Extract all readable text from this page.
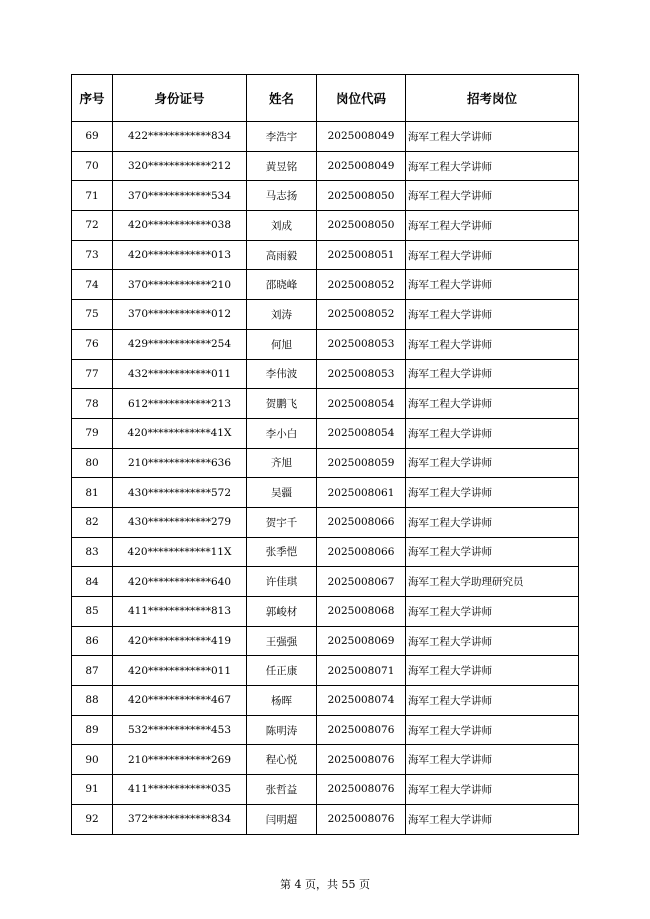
序号	身份证号	姓名	岗位代码	招考岗位
69	422************834	李浩宇	2025008049	海军工程大学讲师
70	320************212	黄昱铭	2025008049	海军工程大学讲师
71	370************534	马志扬	2025008050	海军工程大学讲师
72	420************038	刘成	2025008050	海军工程大学讲师
73	420************013	高雨毅	2025008051	海军工程大学讲师
74	370************210	邵晓峰	2025008052	海军工程大学讲师
75	370************012	刘涛	2025008052	海军工程大学讲师
76	429************254	何旭	2025008053	海军工程大学讲师
77	432************011	李伟波	2025008053	海军工程大学讲师
78	612************213	贺鹏飞	2025008054	海军工程大学讲师
79	420************41X	李小白	2025008054	海军工程大学讲师
80	210************636	齐旭	2025008059	海军工程大学讲师
81	430************572	吴疆	2025008061	海军工程大学讲师
82	430************279	贺宇千	2025008066	海军工程大学讲师
83	420************11X	张季恺	2025008066	海军工程大学讲师
84	420************640	许佳琪	2025008067	海军工程大学助理研究员
85	411************813	郭峻材	2025008068	海军工程大学讲师
86	420************419	王强强	2025008069	海军工程大学讲师
87	420************011	任正康	2025008071	海军工程大学讲师
88	420************467	杨晖	2025008074	海军工程大学讲师
89	532************453	陈明涛	2025008076	海军工程大学讲师
90	210************269	程心悦	2025008076	海军工程大学讲师
91	411************035	张哲益	2025008076	海军工程大学讲师
92	372************834	闫明超	2025008076	海军工程大学讲师
第 4 页，共 55 页
